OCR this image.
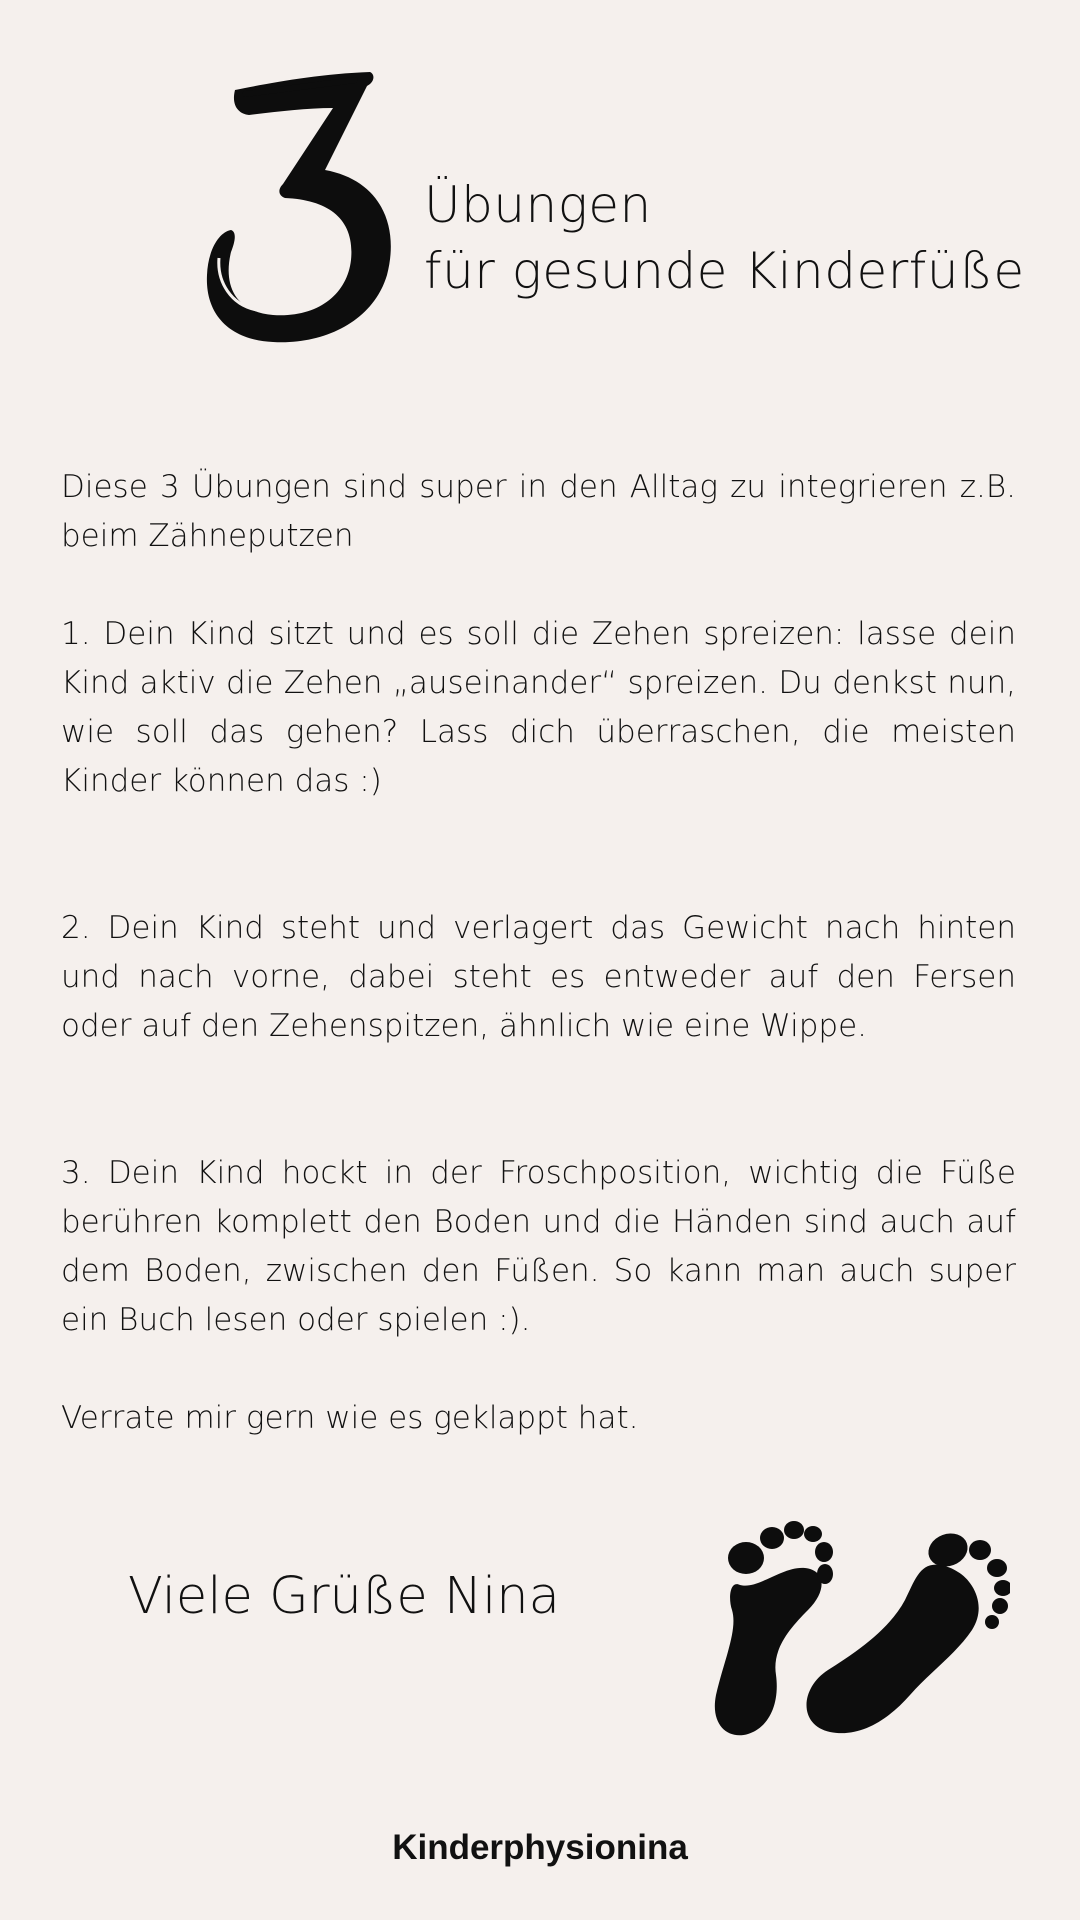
Übungen
für gesunde Kinderfüße

Diese 3 Übungen sind super in den Alltag zu integrieren z.B. beim Zähneputzen

1. Dein Kind sitzt und es soll die Zehen spreizen: lasse dein Kind aktiv die Zehen „auseinander“ spreizen. Du denkst nun, wie soll das gehen? Lass dich überraschen, die meisten Kinder können das :)

2. Dein Kind steht und verlagert das Gewicht nach hinten und nach vorne, dabei steht es entweder auf den Fersen oder auf den Zehenspitzen, ähnlich wie eine Wippe.

3. Dein Kind hockt in der Froschposition, wichtig die Füße berühren komplett den Boden und die Händen sind auch auf dem Boden, zwischen den Füßen. So kann man auch super ein Buch lesen oder spielen :).

Verrate mir gern wie es geklappt hat.

Viele Grüße Nina
Kinderphysionina
